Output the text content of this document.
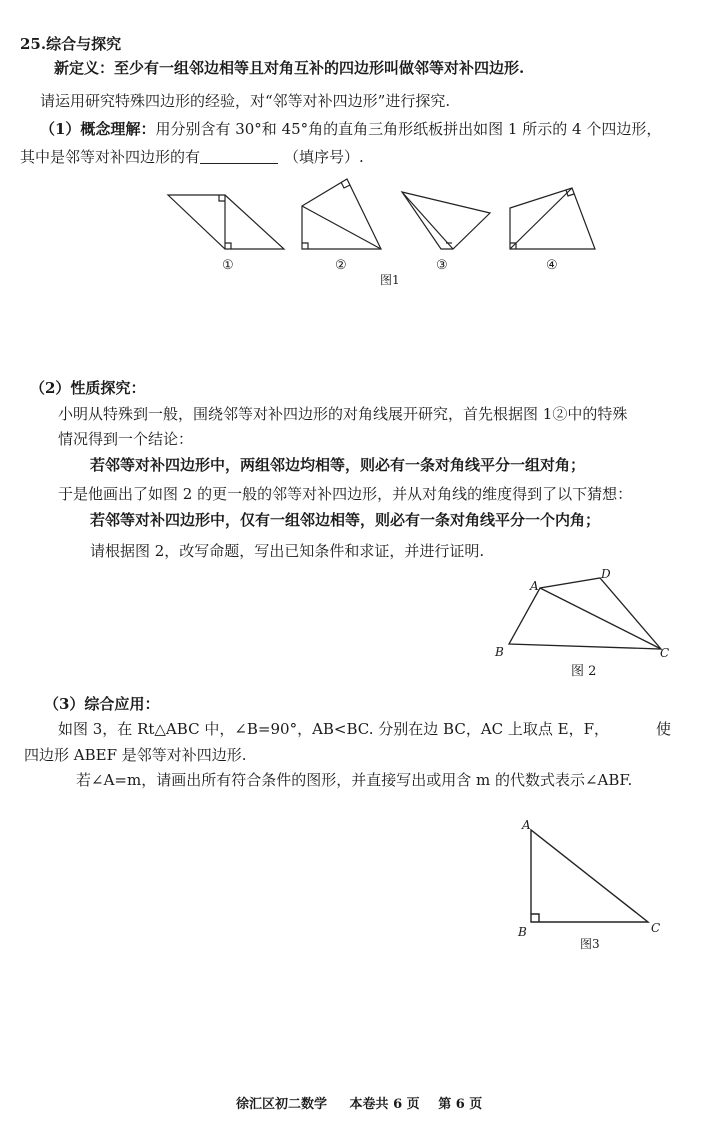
25.综合与探究
新定义：至少有一组邻边相等且对角互补的四边形叫做邻等对补四边形.
请运用研究特殊四边形的经验，对“邻等对补四边形”进行探究.
（1）概念理解：用分别含有 30°和 45°角的直角三角形纸板拼出如图 1 所示的 4 个四边形，
其中是邻等对补四边形的有	（填序号）.
①	②	③	④
图1
（2）性质探究：
小明从特殊到一般，围绕邻等对补四边形的对角线展开研究，首先根据图 1②中的特殊
情况得到一个结论：
若邻等对补四边形中，两组邻边均相等，则必有一条对角线平分一组对角；
于是他画出了如图 2 的更一般的邻等对补四边形，并从对角线的维度得到了以下猜想：
若邻等对补四边形中，仅有一组邻边相等，则必有一条对角线平分一个内角；
请根据图 2，改写命题，写出已知条件和求证，并进行证明.
A
D
B	C
图 2
（3）综合应用：
如图 3，在 Rt△ABC 中，∠B=90°，AB<BC. 分别在边 BC，AC 上取点 E，F，	使
四边形 ABEF 是邻等对补四边形.
若∠A=m，请画出所有符合条件的图形，并直接写出或用含 m 的代数式表示∠ABF.
A
B	C
图3
徐汇区初二数学 本卷共 6 页 第 6 页
